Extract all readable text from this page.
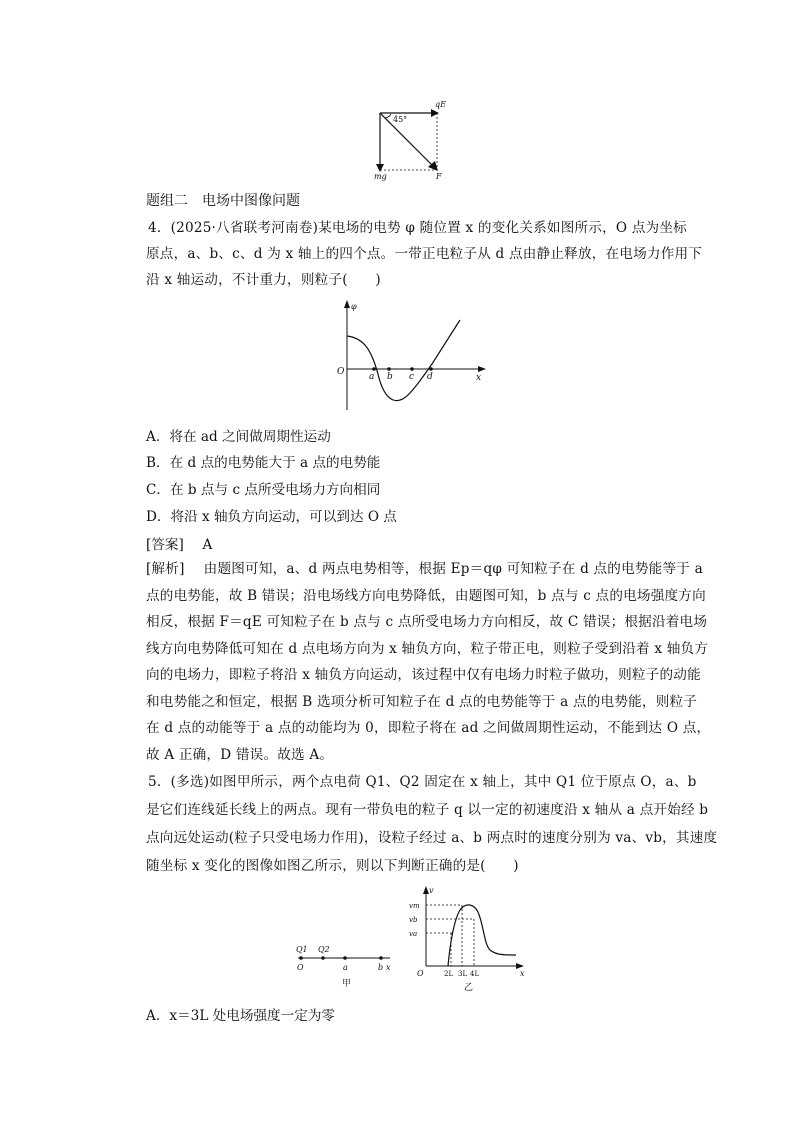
45°
qE
mg	F
题组二　电场中图像问题
4．(2025·八省联考河南卷)某电场的电势 φ 随位置 x 的变化关系如图所示，O 点为坐标
原点，a、b、c、d 为 x 轴上的四个点。一带正电粒子从 d 点由静止释放，在电场力作用下
沿 x 轴运动，不计重力，则粒子(　　)
φ
O	a b c d	x
A．将在 ad 之间做周期性运动
B．在 d 点的电势能大于 a 点的电势能
C．在 b 点与 c 点所受电场力方向相同
D．将沿 x 轴负方向运动，可以到达 O 点
[答案] A
[解析] 由题图可知，a、d 两点电势相等，根据 Ep＝qφ 可知粒子在 d 点的电势能等于 a
点的电势能，故 B 错误；沿电场线方向电势降低，由题图可知，b 点与 c 点的电场强度方向
相反，根据 F＝qE 可知粒子在 b 点与 c 点所受电场力方向相反，故 C 错误；根据沿着电场
线方向电势降低可知在 d 点电场方向为 x 轴负方向，粒子带正电，则粒子受到沿着 x 轴负方
向的电场力，即粒子将沿 x 轴负方向运动，该过程中仅有电场力时粒子做功，则粒子的动能
和电势能之和恒定，根据 B 选项分析可知粒子在 d 点的电势能等于 a 点的电势能，则粒子
在 d 点的动能等于 a 点的动能均为 0，即粒子将在 ad 之间做周期性运动，不能到达 O 点，
故 A 正确，D 错误。故选 A。
5．(多选)如图甲所示，两个点电荷 Q1、Q2 固定在 x 轴上，其中 Q1 位于原点 O，a、b
是它们连线延长线上的两点。现有一带负电的粒子 q 以一定的初速度沿 x 轴从 a 点开始经 b
点向远处运动(粒子只受电场力作用)，设粒子经过 a、b 两点时的速度分别为 va、vb，其速度
随坐标 x 变化的图像如图乙所示，则以下判断正确的是(　　)
Q1 Q2
O	a	b x
甲
v
vm
vb
va
O	2L 3L 4L	x
乙
A．x＝3L 处电场强度一定为零
